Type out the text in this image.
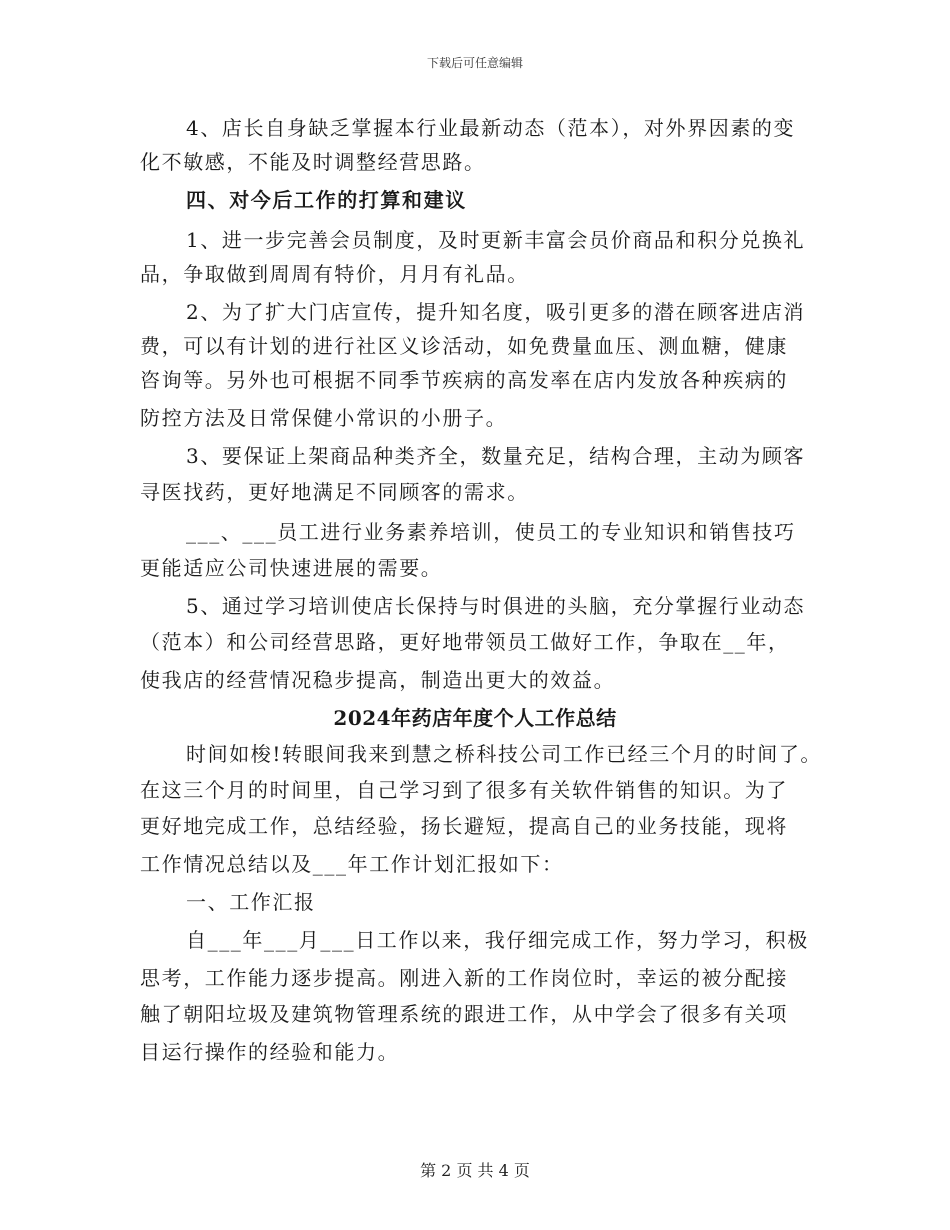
下载后可任意编辑
4、店长自身缺乏掌握本行业最新动态（范本），对外界因素的变
化不敏感，不能及时调整经营思路。
四、对今后工作的打算和建议
1、进一步完善会员制度，及时更新丰富会员价商品和积分兑换礼
品，争取做到周周有特价，月月有礼品。
2、为了扩大门店宣传，提升知名度，吸引更多的潜在顾客进店消
费，可以有计划的进行社区义诊活动，如免费量血压、测血糖，健康
咨询等。另外也可根据不同季节疾病的高发率在店内发放各种疾病的
防控方法及日常保健小常识的小册子。
3、要保证上架商品种类齐全，数量充足，结构合理，主动为顾客
寻医找药，更好地满足不同顾客的需求。
___、___员工进行业务素养培训，使员工的专业知识和销售技巧
更能适应公司快速进展的需要。
5、通过学习培训使店长保持与时俱进的头脑，充分掌握行业动态
（范本）和公司经营思路，更好地带领员工做好工作，争取在__年，
使我店的经营情况稳步提高，制造出更大的效益。
2024年药店年度个人工作总结
时间如梭!转眼间我来到慧之桥科技公司工作已经三个月的时间了。
在这三个月的时间里，自己学习到了很多有关软件销售的知识。为了
更好地完成工作，总结经验，扬长避短，提高自己的业务技能，现将
工作情况总结以及___年工作计划汇报如下：
一、工作汇报
自___年___月___日工作以来，我仔细完成工作，努力学习，积极
思考，工作能力逐步提高。刚进入新的工作岗位时，幸运的被分配接
触了朝阳垃圾及建筑物管理系统的跟进工作，从中学会了很多有关项
目运行操作的经验和能力。
第 2 页 共 4 页
